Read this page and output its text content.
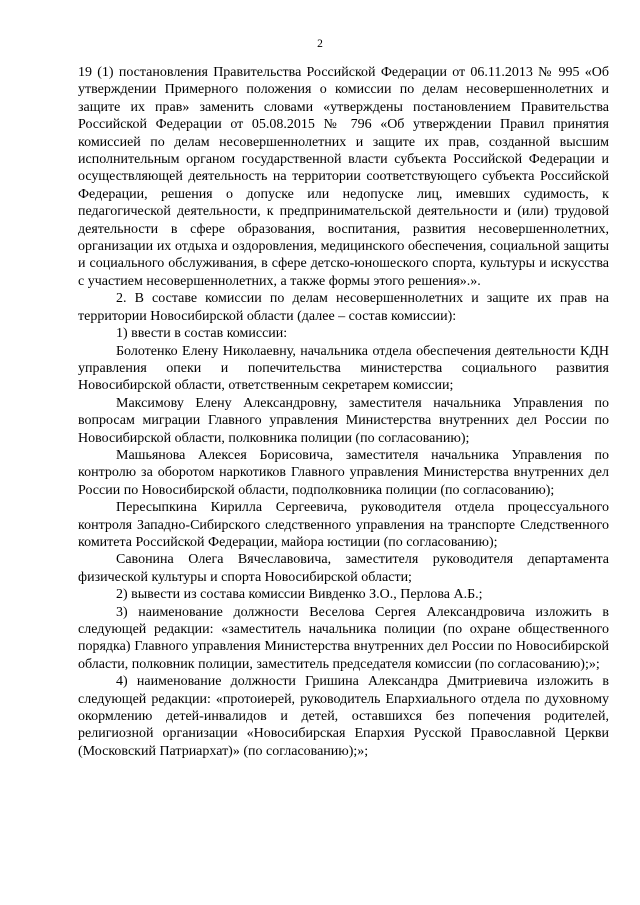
2

19 (1) постановления Правительства Российской Федерации от 06.11.2013 № 995 «Об утверждении Примерного положения о комиссии по делам несовершеннолетних и защите их прав» заменить словами «утверждены постановлением Правительства Российской Федерации от 05.08.2015 № 796 «Об утверждении Правил принятия комиссией по делам несовершеннолетних и защите их прав, созданной высшим исполнительным органом государственной власти субъекта Российской Федерации и осуществляющей деятельность на территории соответствующего субъекта Российской Федерации, решения о допуске или недопуске лиц, имевших судимость, к педагогической деятельности, к предпринимательской деятельности и (или) трудовой деятельности в сфере образования, воспитания, развития несовершеннолетних, организации их отдыха и оздоровления, медицинского обеспечения, социальной защиты и социального обслуживания, в сфере детско-юношеского спорта, культуры и искусства с участием несовершеннолетних, а также формы этого решения».».

2. В составе комиссии по делам несовершеннолетних и защите их прав на территории Новосибирской области (далее – состав комиссии):

1) ввести в состав комиссии:

Болотенко Елену Николаевну, начальника отдела обеспечения деятельности КДН управления опеки и попечительства министерства социального развития Новосибирской области, ответственным секретарем комиссии;

Максимову Елену Александровну, заместителя начальника Управления по вопросам миграции Главного управления Министерства внутренних дел России по Новосибирской области, полковника полиции (по согласованию);

Машьянова Алексея Борисовича, заместителя начальника Управления по контролю за оборотом наркотиков Главного управления Министерства внутренних дел России по Новосибирской области, подполковника полиции (по согласованию);

Пересыпкина Кирилла Сергеевича, руководителя отдела процессуального контроля Западно-Сибирского следственного управления на транспорте Следственного комитета Российской Федерации, майора юстиции (по согласованию);

Савонина Олега Вячеславовича, заместителя руководителя департамента физической культуры и спорта Новосибирской области;

2) вывести из состава комиссии Вивденко З.О., Перлова А.Б.;

3) наименование должности Веселова Сергея Александровича изложить в следующей редакции: «заместитель начальника полиции (по охране общественного порядка) Главного управления Министерства внутренних дел России по Новосибирской области, полковник полиции, заместитель председателя комиссии (по согласованию);»;

4) наименование должности Гришина Александра Дмитриевича изложить в следующей редакции: «протоиерей, руководитель Епархиального отдела по духовному окормлению детей-инвалидов и детей, оставшихся без попечения родителей, религиозной организации «Новосибирская Епархия Русской Православной Церкви (Московский Патриархат)» (по согласованию);»;
